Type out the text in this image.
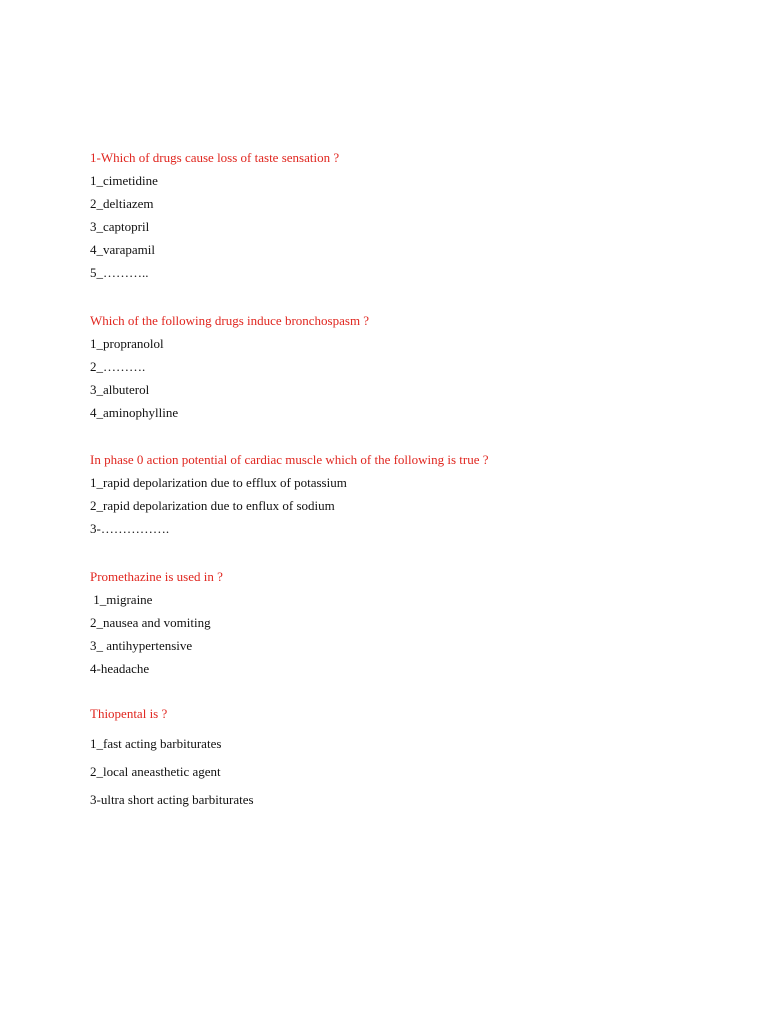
1-Which of drugs cause loss of taste sensation ?
1_cimetidine
2_deltiazem
3_captopril
4_varapamil
5_………..
Which of the following drugs induce bronchospasm ?
1_propranolol
2_……….
3_albuterol
4_aminophylline
In phase 0 action potential of cardiac muscle which of the following is true ?
1_rapid depolarization due to efflux of potassium
2_rapid depolarization due to enflux of sodium
3-…………….
Promethazine is used in ?
1_migraine
2_nausea and vomiting
3_ antihypertensive
4-headache
Thiopental is ?
1_fast acting barbiturates
2_local aneasthetic agent
3-ultra short acting barbiturates
